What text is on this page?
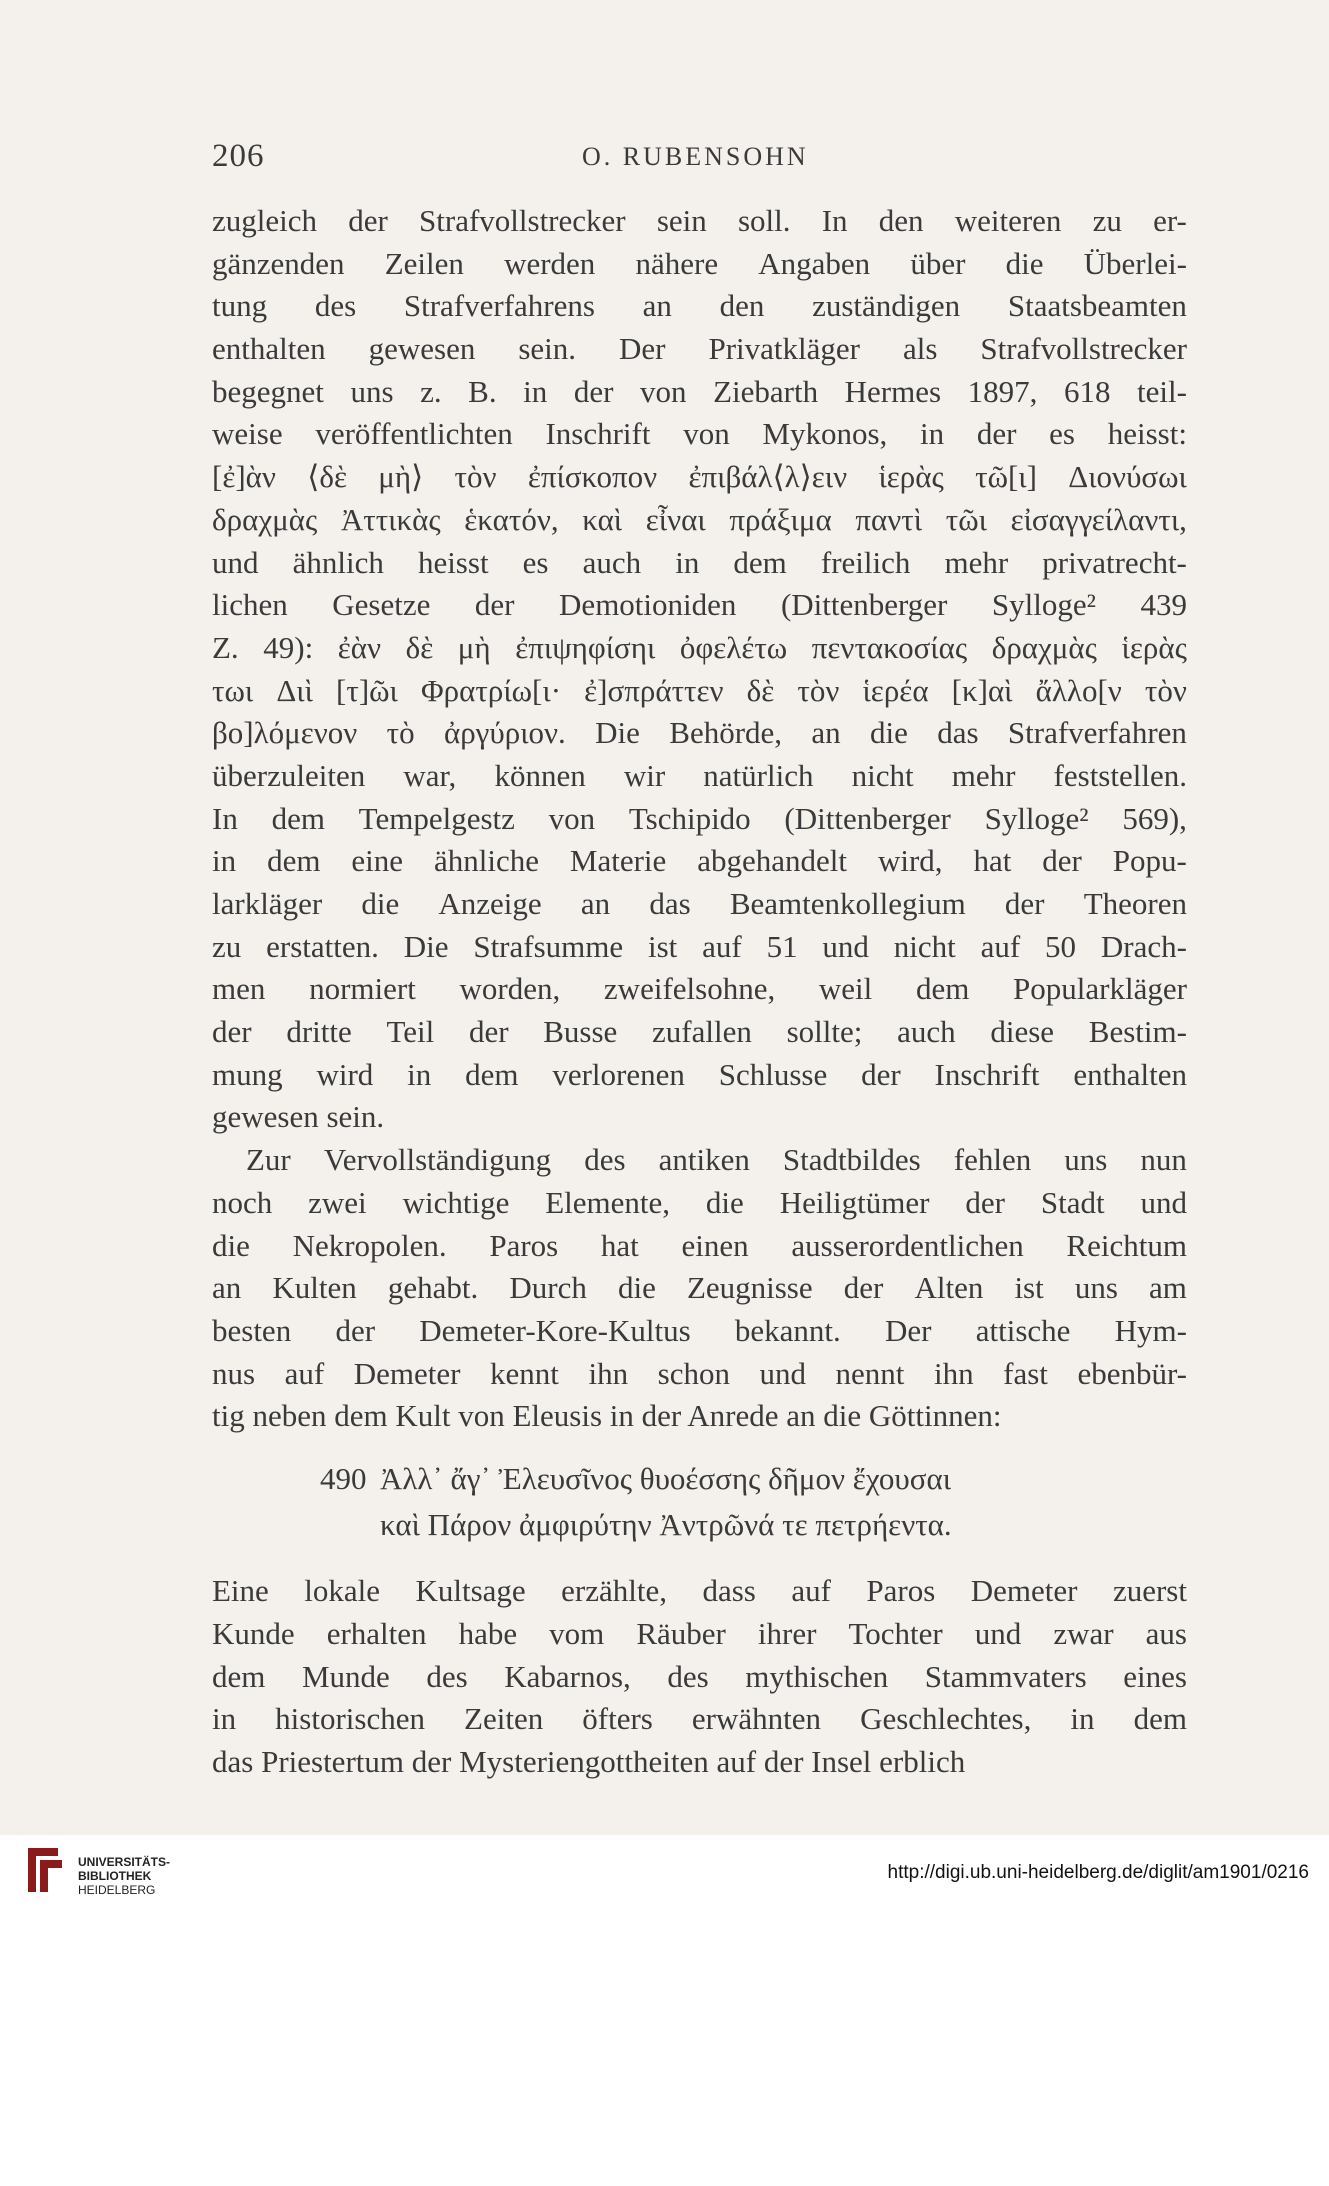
206	O. RUBENSOHN
zugleich der Strafvollstrecker sein soll. In den weiteren zu er-
gänzenden Zeilen werden nähere Angaben über die Überlei-
tung des Strafverfahrens an den zuständigen Staatsbeamten
enthalten gewesen sein. Der Privatkläger als Strafvollstrecker
begegnet uns z. B. in der von Ziebarth Hermes 1897, 618 teil-
weise veröffentlichten Inschrift von Mykonos, in der es heisst:
[ἐ]ὰν ⟨δὲ μὴ⟩ τὸν ἐπίσκοπον ἐπιβάλ⟨λ⟩ειν ἱερὰς τῶ[ι] Διονύσωι
δραχμὰς Ἀττικὰς ἑκατόν, καὶ εἶναι πράξιμα παντὶ τῶι εἰσαγγείλαντι,
und ähnlich heisst es auch in dem freilich mehr privatrecht-
lichen Gesetze der Demotioniden (Dittenberger Sylloge² 439
Z. 49): ἐὰν δὲ μὴ ἐπιψηφίσηι ὀφελέτω πεντακοσίας δραχμὰς ἱερὰς
τωι Διὶ [τ]ῶι Φρατρίω[ι· ἐ]σπράττεν δὲ τὸν ἱερέα [κ]αὶ ἄλλο[ν τὸν
βο]λόμενον τὸ ἀργύριον. Die Behörde, an die das Strafverfahren
überzuleiten war, können wir natürlich nicht mehr feststellen.
In dem Tempelgestz von Tschipido (Dittenberger Sylloge² 569),
in dem eine ähnliche Materie abgehandelt wird, hat der Popu-
larkläger die Anzeige an das Beamtenkollegium der Theoren
zu erstatten. Die Strafsumme ist auf 51 und nicht auf 50 Drach-
men normiert worden, zweifelsohne, weil dem Popularkläger
der dritte Teil der Busse zufallen sollte; auch diese Bestim-
mung wird in dem verlorenen Schlusse der Inschrift enthalten
gewesen sein.
Zur Vervollständigung des antiken Stadtbildes fehlen uns nun
noch zwei wichtige Elemente, die Heiligtümer der Stadt und
die Nekropolen. Paros hat einen ausserordentlichen Reichtum
an Kulten gehabt. Durch die Zeugnisse der Alten ist uns am
besten der Demeter-Kore-Kultus bekannt. Der attische Hym-
nus auf Demeter kennt ihn schon und nennt ihn fast ebenbür-
tig neben dem Kult von Eleusis in der Anrede an die Göttinnen:
490 Ἀλλ᾽ ἄγ᾽ Ἐλευσῖνος θυοέσσης δῆμον ἔχουσαι
καὶ Πάρον ἀμφιρύτην Ἀντρῶνά τε πετρήεντα.
Eine lokale Kultsage erzählte, dass auf Paros Demeter zuerst
Kunde erhalten habe vom Räuber ihrer Tochter und zwar aus
dem Munde des Kabarnos, des mythischen Stammvaters eines
in historischen Zeiten öfters erwähnten Geschlechtes, in dem
das Priestertum der Mysteriengottheiten auf der Insel erblich
UNIVERSITÄTS-
BIBLIOTHEK
HEIDELBERG
http://digi.ub.uni-heidelberg.de/diglit/am1901/0216
